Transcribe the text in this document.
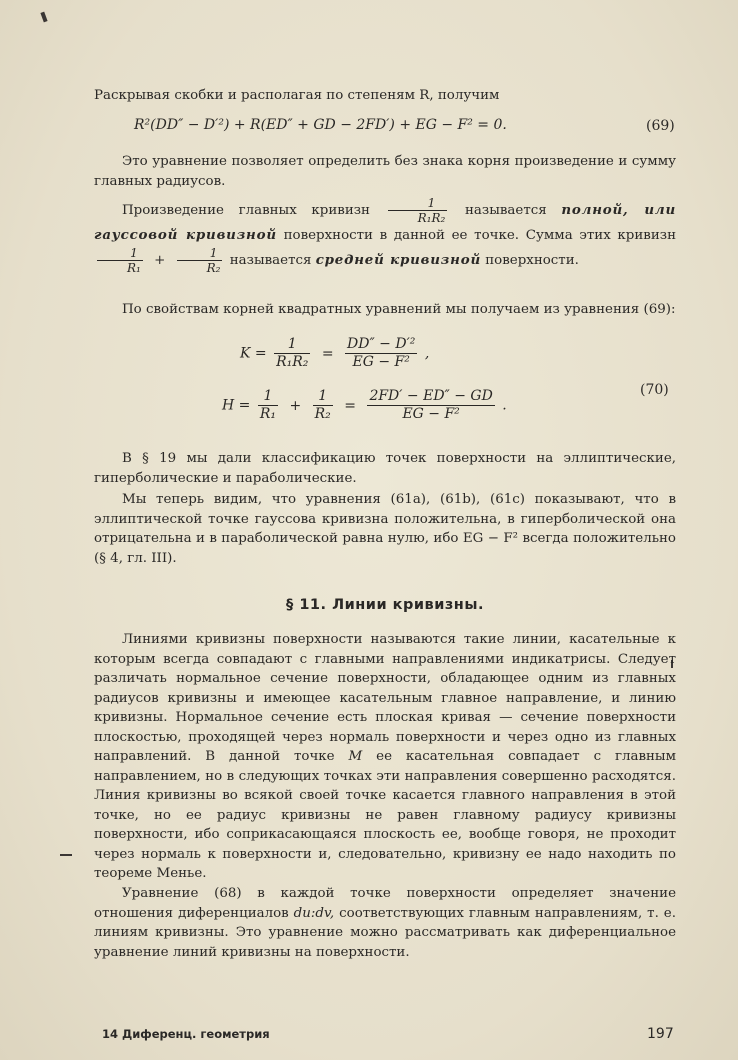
Раскрывая скобки и располагая по степеням R, получим

R²(DD″ − D′²) + R(ED″ + GD − 2FD′) + EG − F² = 0.	(69)

Это уравнение позволяет определить без знака корня произведение и сумму главных радиусов.

Произведение главных кривизн $\frac{1}{\text{R₁R₂}}$ называется полной, или гауссовой кривизной поверхности в данной ее точке. Сумма этих кривизн
$\frac{1}{\text{R₁}} + \frac{1}{\text{R₂}}$ называется средней кривизной поверхности.

По свойствам корней квадратных уравнений мы получаем из уравнения (69):

$K = \frac{1}{\text{R₁R₂}} = \frac{\text{DD″ − D′²}}{\text{EG − F²}}$ ,
$H = \frac{1}{\text{R₁}} + \frac{1}{\text{R₂}} = \frac{2FD' - ED'' - GD}{\text{EG − F²}}$ .
(70)

В § 19 мы дали классификацию точек поверхности на эллиптические, гиперболические и параболические.

Мы теперь видим, что уравнения (61a), (61b), (61c) показывают, что в эллиптической точке гауссова кривизна положительна, в гиперболической она отрицательна и в параболической равна нулю, ибо EG − F² всегда положительно (§ 4, гл. III).

§ 11. Линии кривизны.

Линиями кривизны поверхности называются такие линии, касательные к которым всегда совпадают с главными направлениями индикатрисы. Следует различать нормальное сечение поверхности, обладающее одним из главных радиусов кривизны и имеющее касательным главное направление, и линию кривизны. Нормальное сечение есть плоская кривая — сечение поверхности плоскостью, проходящей через нормаль поверхности и через одно из главных направлений. В данной точке M ее касательная совпадает с главным направлением, но в следующих точках эти направления совершенно расходятся. Линия кривизны во всякой своей точке касается главного направления в этой точке, но ее радиус кривизны не равен главному радиусу кривизны поверхности, ибо соприкасающаяся плоскость ее, вообще говоря, не проходит через нормаль к поверхности и, следовательно, кривизну ее надо находить по теореме Менье.

Уравнение (68) в каждой точке поверхности определяет значение отношения диференциалов du:dv, соответствующих главным направлениям, т. е. линиям кривизны. Это уравнение можно рассматривать как диференциальное уравнение линий кривизны на поверхности.

14 Диференц. геометрия	197
